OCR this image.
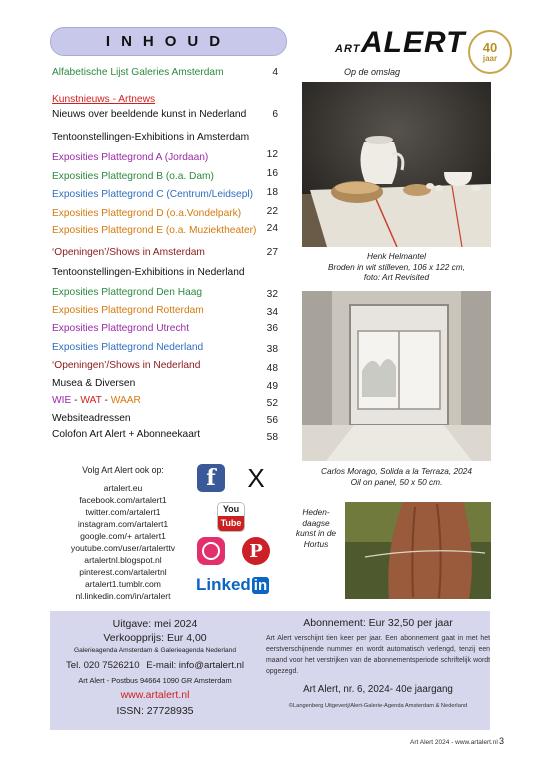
INHOUD	ART ALERT 40
jaar
Op de omslag
Alfabetische Lijst Galeries Amsterdam	4
Kunstnieuws - Artnews
Nieuws over beeldende kunst in Nederland	6
Tentoonstellingen-Exhibitions in Amsterdam
Exposities Plattegrond A (Jordaan)	12
Exposities Plattegrond B (o.a. Dam)	16
Exposities Plattegrond C (Centrum/Leidsepl) 18
Exposities Plattegrond D (o.a.Vondelpark)	22
Exposities Plattegrond E (o.a. Muziektheater) 24
‘Openingen’/Shows in Amsterdam	27
Tentoonstellingen-Exhibitions in Nederland
Exposities Plattegrond Den Haag	32
Exposities Plattegrond Rotterdam	34
Exposities Plattegrond Utrecht	36
Exposities Plattegrond Nederland	38
‘Openingen’/Shows in Nederland	48
Musea & Diversen	49
WIE - WAT - WAAR	52
Websiteadressen	56
Colofon Art Alert + Abonneekaart	58
Henk Helmantel
Broden in wit stilleven, 106 x 122 cm,
foto: Art Revisited
Carlos Morago, Solida a la Terraza, 2024
Oil on panel, 50 x 50 cm.
Heden-
daagse
kunst in de
Hortus
Volg Art Alert ook op:
artalert.eu
facebook.com/artalert1
twitter.com/artalert1
instagram.com/artalert1
google.com/+ artalert1
youtube.com/user/artalerttv
artalertnl.blogspot.nl
pinterest.com/artalertnl
artalert1.tumblr.com
nl.linkedin.com/in/artalert
f	X
You
Tube
P
Linked in
Uitgave: mei 2024
Verkoopprijs: Eur 4,00
Galerieagenda Amsterdam & Galerieagenda Nederland
Tel. 020 7526210 E-mail: info@artalert.nl
Art Alert - Postbus 94664 1090 GR Amsterdam
www.artalert.nl
ISSN: 27728935
Abonnement: Eur 32,50 per jaar
Art Alert verschijnt tien keer per jaar. Een abonnement gaat in met het eerstverschijnende nummer en wordt automatisch verlengd, tenzij een maand voor het verstrijken van de abonnementsperiode schriftelijk wordt opgezegd.
Art Alert, nr. 6, 2024- 40e jaargang
©Langenberg Uitgeverij/Alert-Galerie-Agenda Amsterdam & Nederland
Art Alert 2024 - www.artalert.nl 3
